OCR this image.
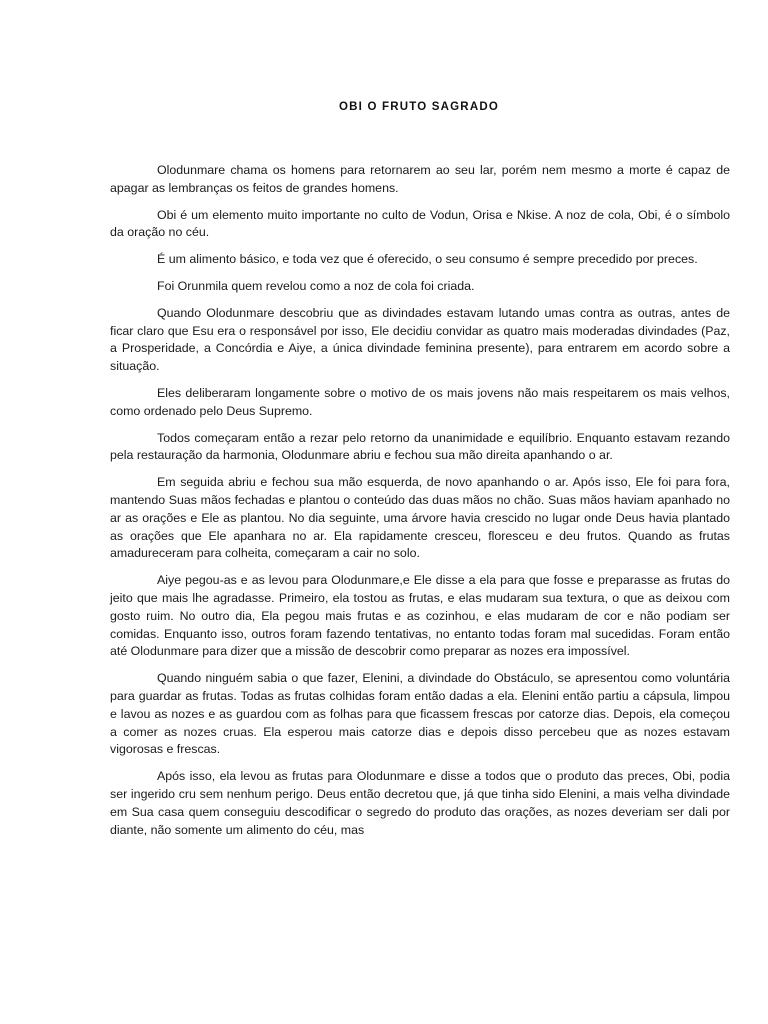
OBI O FRUTO SAGRADO

Olodunmare chama os homens para retornarem ao seu lar, porém nem mesmo a morte é capaz de apagar as lembranças os feitos de grandes homens.

Obi é um elemento muito importante no culto de Vodun, Orisa e Nkise. A noz de cola, Obi, é o símbolo da oração no céu.

É um alimento básico, e toda vez que é oferecido, o seu consumo é sempre precedido por preces.

Foi Orunmila quem revelou como a noz de cola foi criada.

Quando Olodunmare descobriu que as divindades estavam lutando umas contra as outras, antes de ficar claro que Esu era o responsável por isso, Ele decidiu convidar as quatro mais moderadas divindades (Paz, a Prosperidade, a Concórdia e Aiye, a única divindade feminina presente), para entrarem em acordo sobre a situação.

Eles deliberaram longamente sobre o motivo de os mais jovens não mais respeitarem os mais velhos, como ordenado pelo Deus Supremo.

Todos começaram então a rezar pelo retorno da unanimidade e equilíbrio. Enquanto estavam rezando pela restauração da harmonia, Olodunmare abriu e fechou sua mão direita apanhando o ar.

Em seguida abriu e fechou sua mão esquerda, de novo apanhando o ar. Após isso, Ele foi para fora, mantendo Suas mãos fechadas e plantou o conteúdo das duas mãos no chão. Suas mãos haviam apanhado no ar as orações e Ele as plantou. No dia seguinte, uma árvore havia crescido no lugar onde Deus havia plantado as orações que Ele apanhara no ar. Ela rapidamente cresceu, floresceu e deu frutos. Quando as frutas amadureceram para colheita, começaram a cair no solo.

Aiye pegou-as e as levou para Olodunmare,e Ele disse a ela para que fosse e preparasse as frutas do jeito que mais lhe agradasse. Primeiro, ela tostou as frutas, e elas mudaram sua textura, o que as deixou com gosto ruim. No outro dia, Ela pegou mais frutas e as cozinhou, e elas mudaram de cor e não podiam ser comidas. Enquanto isso, outros foram fazendo tentativas, no entanto todas foram mal sucedidas. Foram então até Olodunmare para dizer que a missão de descobrir como preparar as nozes era impossível.

Quando ninguém sabia o que fazer, Elenini, a divindade do Obstáculo, se apresentou como voluntária para guardar as frutas. Todas as frutas colhidas foram então dadas a ela. Elenini então partiu a cápsula, limpou e lavou as nozes e as guardou com as folhas para que ficassem frescas por catorze dias. Depois, ela começou a comer as nozes cruas. Ela esperou mais catorze dias e depois disso percebeu que as nozes estavam vigorosas e frescas.

Após isso, ela levou as frutas para Olodunmare e disse a todos que o produto das preces, Obi, podia ser ingerido cru sem nenhum perigo. Deus então decretou que, já que tinha sido Elenini, a mais velha divindade em Sua casa quem conseguiu descodificar o segredo do produto das orações, as nozes deveriam ser dali por diante, não somente um alimento do céu, mas
